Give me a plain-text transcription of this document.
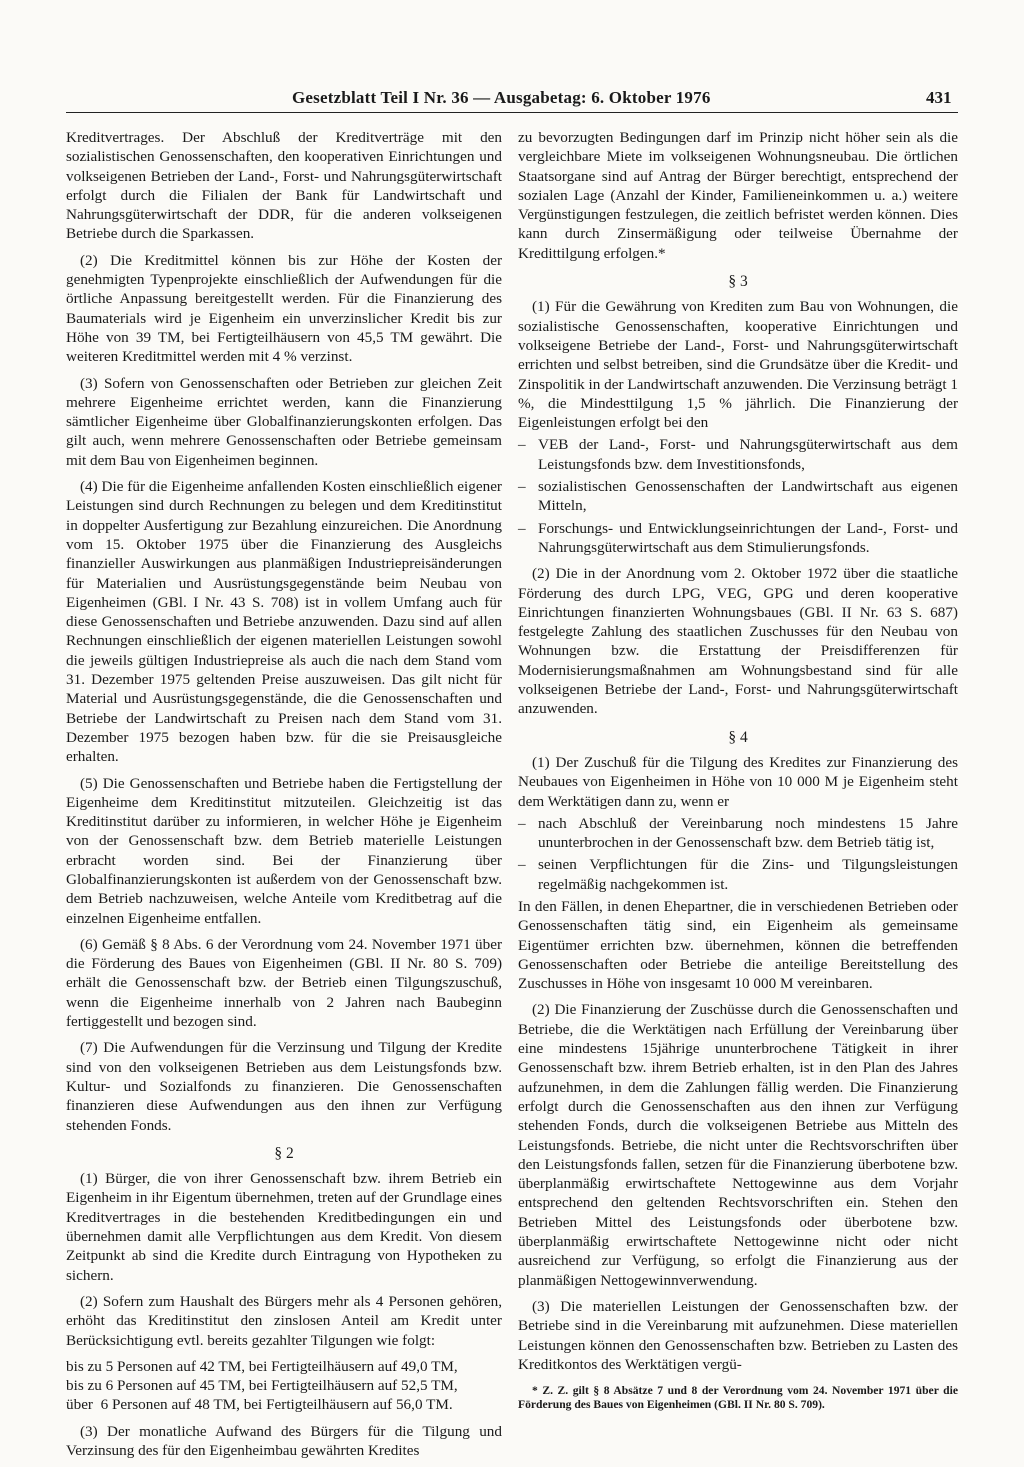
Gesetzblatt Teil I Nr. 36 — Ausgabetag: 6. Oktober 1976	431

Kreditvertrages. Der Abschluß der Kreditverträge mit den sozialistischen Genossenschaften, den kooperativen Einrichtungen und volkseigenen Betrieben der Land-, Forst- und Nahrungsgüterwirtschaft erfolgt durch die Filialen der Bank für Landwirtschaft und Nahrungsgüterwirtschaft der DDR, für die anderen volkseigenen Betriebe durch die Sparkassen.

(2) Die Kreditmittel können bis zur Höhe der Kosten der genehmigten Typenprojekte einschließlich der Aufwendungen für die örtliche Anpassung bereitgestellt werden. Für die Finanzierung des Baumaterials wird je Eigenheim ein unverzinslicher Kredit bis zur Höhe von 39 TM, bei Fertigteilhäusern von 45,5 TM gewährt. Die weiteren Kreditmittel werden mit 4 % verzinst.

(3) Sofern von Genossenschaften oder Betrieben zur gleichen Zeit mehrere Eigenheime errichtet werden, kann die Finanzierung sämtlicher Eigenheime über Globalfinanzierungskonten erfolgen. Das gilt auch, wenn mehrere Genossenschaften oder Betriebe gemeinsam mit dem Bau von Eigenheimen beginnen.

(4) Die für die Eigenheime anfallenden Kosten einschließlich eigener Leistungen sind durch Rechnungen zu belegen und dem Kreditinstitut in doppelter Ausfertigung zur Bezahlung einzureichen. Die Anordnung vom 15. Oktober 1975 über die Finanzierung des Ausgleichs finanzieller Auswirkungen aus planmäßigen Industriepreisänderungen für Materialien und Ausrüstungsgegenstände beim Neubau von Eigenheimen (GBl. I Nr. 43 S. 708) ist in vollem Umfang auch für diese Genossenschaften und Betriebe anzuwenden. Dazu sind auf allen Rechnungen einschließlich der eigenen materiellen Leistungen sowohl die jeweils gültigen Industriepreise als auch die nach dem Stand vom 31. Dezember 1975 geltenden Preise auszuweisen. Das gilt nicht für Material und Ausrüstungsgegenstände, die die Genossenschaften und Betriebe der Landwirtschaft zu Preisen nach dem Stand vom 31. Dezember 1975 bezogen haben bzw. für die sie Preisausgleiche erhalten.

(5) Die Genossenschaften und Betriebe haben die Fertigstellung der Eigenheime dem Kreditinstitut mitzuteilen. Gleichzeitig ist das Kreditinstitut darüber zu informieren, in welcher Höhe je Eigenheim von der Genossenschaft bzw. dem Betrieb materielle Leistungen erbracht worden sind. Bei der Finanzierung über Globalfinanzierungskonten ist außerdem von der Genossenschaft bzw. dem Betrieb nachzuweisen, welche Anteile vom Kreditbetrag auf die einzelnen Eigenheime entfallen.

(6) Gemäß § 8 Abs. 6 der Verordnung vom 24. November 1971 über die Förderung des Baues von Eigenheimen (GBl. II Nr. 80 S. 709) erhält die Genossenschaft bzw. der Betrieb einen Tilgungszuschuß, wenn die Eigenheime innerhalb von 2 Jahren nach Baubeginn fertiggestellt und bezogen sind.

(7) Die Aufwendungen für die Verzinsung und Tilgung der Kredite sind von den volkseigenen Betrieben aus dem Leistungsfonds bzw. Kultur- und Sozialfonds zu finanzieren. Die Genossenschaften finanzieren diese Aufwendungen aus den ihnen zur Verfügung stehenden Fonds.

§ 2

(1) Bürger, die von ihrer Genossenschaft bzw. ihrem Betrieb ein Eigenheim in ihr Eigentum übernehmen, treten auf der Grundlage eines Kreditvertrages in die bestehenden Kreditbedingungen ein und übernehmen damit alle Verpflichtungen aus dem Kredit. Von diesem Zeitpunkt ab sind die Kredite durch Eintragung von Hypotheken zu sichern.

(2) Sofern zum Haushalt des Bürgers mehr als 4 Personen gehören, erhöht das Kreditinstitut den zinslosen Anteil am Kredit unter Berücksichtigung evtl. bereits gezahlter Tilgungen wie folgt:

bis zu 5 Personen auf 42 TM, bei Fertigteilhäusern auf 49,0 TM,

bis zu 6 Personen auf 45 TM, bei Fertigteilhäusern auf 52,5 TM,

über  6 Personen auf 48 TM, bei Fertigteilhäusern auf 56,0 TM.

(3) Der monatliche Aufwand des Bürgers für die Tilgung und Verzinsung des für den Eigenheimbau gewährten Kredites

zu bevorzugten Bedingungen darf im Prinzip nicht höher sein als die vergleichbare Miete im volkseigenen Wohnungsneubau. Die örtlichen Staatsorgane sind auf Antrag der Bürger berechtigt, entsprechend der sozialen Lage (Anzahl der Kinder, Familieneinkommen u. a.) weitere Vergünstigungen festzulegen, die zeitlich befristet werden können. Dies kann durch Zinsermäßigung oder teilweise Übernahme der Kredittilgung erfolgen.*

§ 3

(1) Für die Gewährung von Krediten zum Bau von Wohnungen, die sozialistische Genossenschaften, kooperative Einrichtungen und volkseigene Betriebe der Land-, Forst- und Nahrungsgüterwirtschaft errichten und selbst betreiben, sind die Grundsätze über die Kredit- und Zinspolitik in der Landwirtschaft anzuwenden. Die Verzinsung beträgt 1 %, die Mindesttilgung 1,5 % jährlich. Die Finanzierung der Eigenleistungen erfolgt bei den

– VEB der Land-, Forst- und Nahrungsgüterwirtschaft aus dem Leistungsfonds bzw. dem Investitionsfonds,
– sozialistischen Genossenschaften der Landwirtschaft aus eigenen Mitteln,
– Forschungs- und Entwicklungseinrichtungen der Land-, Forst- und Nahrungsgüterwirtschaft aus dem Stimulierungsfonds.

(2) Die in der Anordnung vom 2. Oktober 1972 über die staatliche Förderung des durch LPG, VEG, GPG und deren kooperative Einrichtungen finanzierten Wohnungsbaues (GBl. II Nr. 63 S. 687) festgelegte Zahlung des staatlichen Zuschusses für den Neubau von Wohnungen bzw. die Erstattung der Preisdifferenzen für Modernisierungsmaßnahmen am Wohnungsbestand sind für alle volkseigenen Betriebe der Land-, Forst- und Nahrungsgüterwirtschaft anzuwenden.

§ 4

(1) Der Zuschuß für die Tilgung des Kredites zur Finanzierung des Neubaues von Eigenheimen in Höhe von 10 000 M je Eigenheim steht dem Werktätigen dann zu, wenn er

– nach Abschluß der Vereinbarung noch mindestens 15 Jahre ununterbrochen in der Genossenschaft bzw. dem Betrieb tätig ist,
– seinen Verpflichtungen für die Zins- und Tilgungsleistungen regelmäßig nachgekommen ist.

In den Fällen, in denen Ehepartner, die in verschiedenen Betrieben oder Genossenschaften tätig sind, ein Eigenheim als gemeinsame Eigentümer errichten bzw. übernehmen, können die betreffenden Genossenschaften oder Betriebe die anteilige Bereitstellung des Zuschusses in Höhe von insgesamt 10 000 M vereinbaren.

(2) Die Finanzierung der Zuschüsse durch die Genossenschaften und Betriebe, die die Werktätigen nach Erfüllung der Vereinbarung über eine mindestens 15jährige ununterbrochene Tätigkeit in ihrer Genossenschaft bzw. ihrem Betrieb erhalten, ist in den Plan des Jahres aufzunehmen, in dem die Zahlungen fällig werden. Die Finanzierung erfolgt durch die Genossenschaften aus den ihnen zur Verfügung stehenden Fonds, durch die volkseigenen Betriebe aus Mitteln des Leistungsfonds. Betriebe, die nicht unter die Rechtsvorschriften über den Leistungsfonds fallen, setzen für die Finanzierung überbotene bzw. überplanmäßig erwirtschaftete Nettogewinne aus dem Vorjahr entsprechend den geltenden Rechtsvorschriften ein. Stehen den Betrieben Mittel des Leistungsfonds oder überbotene bzw. überplanmäßig erwirtschaftete Nettogewinne nicht oder nicht ausreichend zur Verfügung, so erfolgt die Finanzierung aus der planmäßigen Nettogewinnverwendung.

(3) Die materiellen Leistungen der Genossenschaften bzw. der Betriebe sind in die Vereinbarung mit aufzunehmen. Diese materiellen Leistungen können den Genossenschaften bzw. Betrieben zu Lasten des Kreditkontos des Werktätigen vergü-

* Z. Z. gilt § 8 Absätze 7 und 8 der Verordnung vom 24. November 1971 über die Förderung des Baues von Eigenheimen (GBl. II Nr. 80 S. 709).
